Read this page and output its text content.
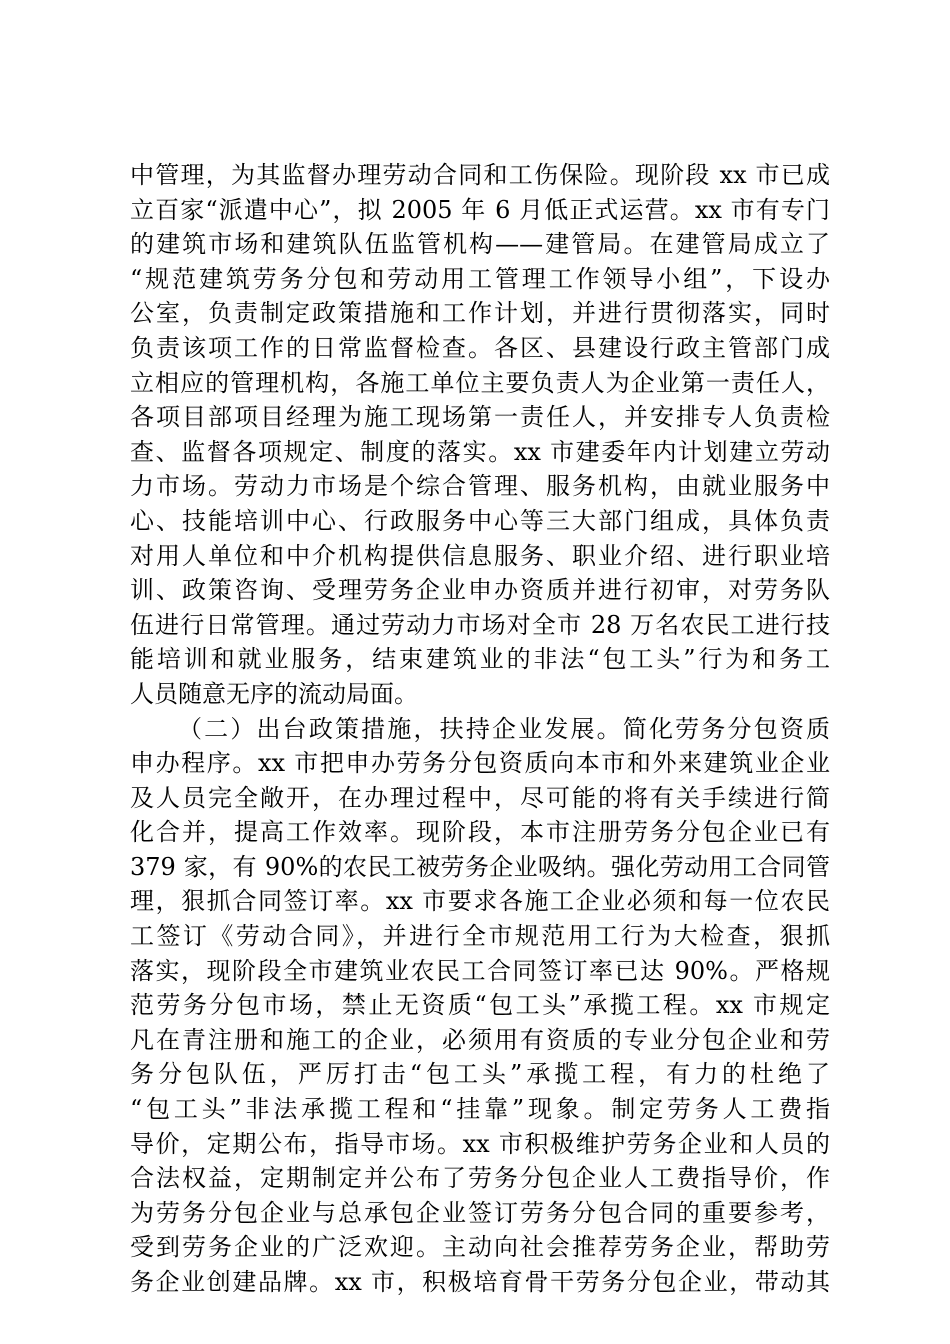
中管理，为其监督办理劳动合同和工伤保险。现阶段 xx 市已成
立百家“派遣中心”，拟 2005 年 6 月低正式运营。xx 市有专门
的建筑市场和建筑队伍监管机构——建管局。在建管局成立了
“规范建筑劳务分包和劳动用工管理工作领导小组”，下设办
公室，负责制定政策措施和工作计划，并进行贯彻落实，同时
负责该项工作的日常监督检查。各区、县建设行政主管部门成
立相应的管理机构，各施工单位主要负责人为企业第一责任人，
各项目部项目经理为施工现场第一责任人，并安排专人负责检
查、监督各项规定、制度的落实。xx 市建委年内计划建立劳动
力市场。劳动力市场是个综合管理、服务机构，由就业服务中
心、技能培训中心、行政服务中心等三大部门组成，具体负责
对用人单位和中介机构提供信息服务、职业介绍、进行职业培
训、政策咨询、受理劳务企业申办资质并进行初审，对劳务队
伍进行日常管理。通过劳动力市场对全市 28 万名农民工进行技
能培训和就业服务，结束建筑业的非法“包工头”行为和务工
人员随意无序的流动局面。
（二）出台政策措施，扶持企业发展。简化劳务分包资质
申办程序。xx 市把申办劳务分包资质向本市和外来建筑业企业
及人员完全敞开，在办理过程中，尽可能的将有关手续进行简
化合并，提高工作效率。现阶段，本市注册劳务分包企业已有
379 家，有 90%的农民工被劳务企业吸纳。强化劳动用工合同管
理，狠抓合同签订率。xx 市要求各施工企业必须和每一位农民
工签订《劳动合同》，并进行全市规范用工行为大检查，狠抓
落实，现阶段全市建筑业农民工合同签订率已达 90%。严格规
范劳务分包市场，禁止无资质“包工头”承揽工程。xx 市规定
凡在青注册和施工的企业，必须用有资质的专业分包企业和劳
务分包队伍，严厉打击“包工头”承揽工程，有力的杜绝了
“包工头”非法承揽工程和“挂靠”现象。制定劳务人工费指
导价，定期公布，指导市场。xx 市积极维护劳务企业和人员的
合法权益，定期制定并公布了劳务分包企业人工费指导价，作
为劳务分包企业与总承包企业签订劳务分包合同的重要参考，
受到劳务企业的广泛欢迎。主动向社会推荐劳务企业，帮助劳
务企业创建品牌。xx 市，积极培育骨干劳务分包企业，带动其
